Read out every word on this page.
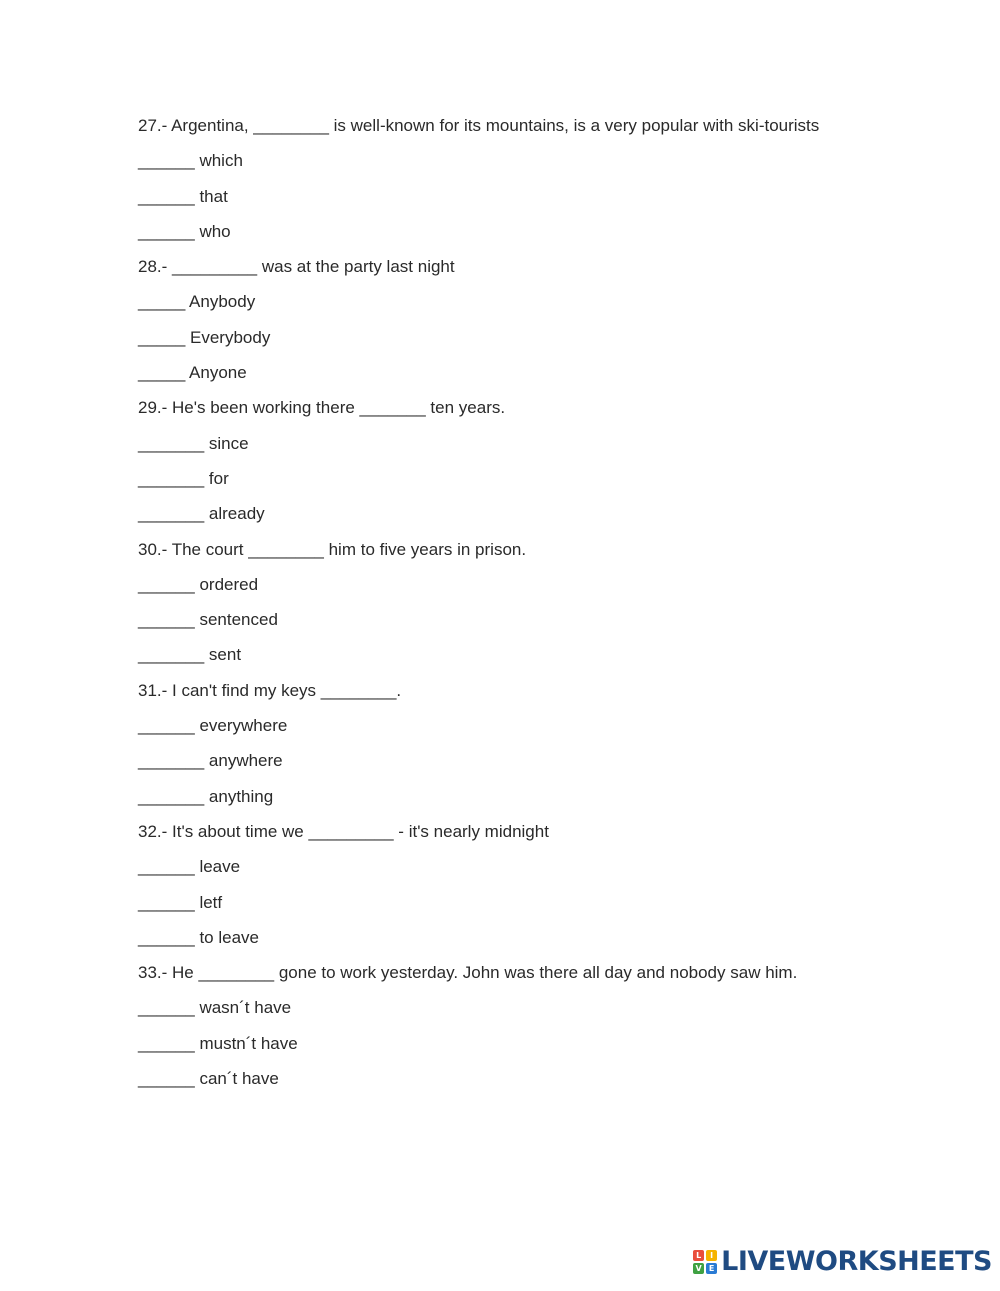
27.- Argentina, ________ is well-known for its mountains, is a very popular with ski-tourists
______ which
______ that
______ who
28.- _________ was at the party last night
_____ Anybody
_____ Everybody
_____ Anyone
29.- He's been working there _______ ten years.
_______ since
_______ for
_______ already
30.- The court ________ him to five years in prison.
______ ordered
______ sentenced
_______ sent
31.- I can't find my keys ________.
______ everywhere
_______ anywhere
_______ anything
32.- It's about time we _________ - it's nearly midnight
______ leave
______ letf
______ to leave
33.- He ________ gone to work yesterday. John was there all day and nobody saw him.
______ wasn´t have
______ mustn´t have
______ can´t have
L	I
V E LIVEWORKSHEETS
